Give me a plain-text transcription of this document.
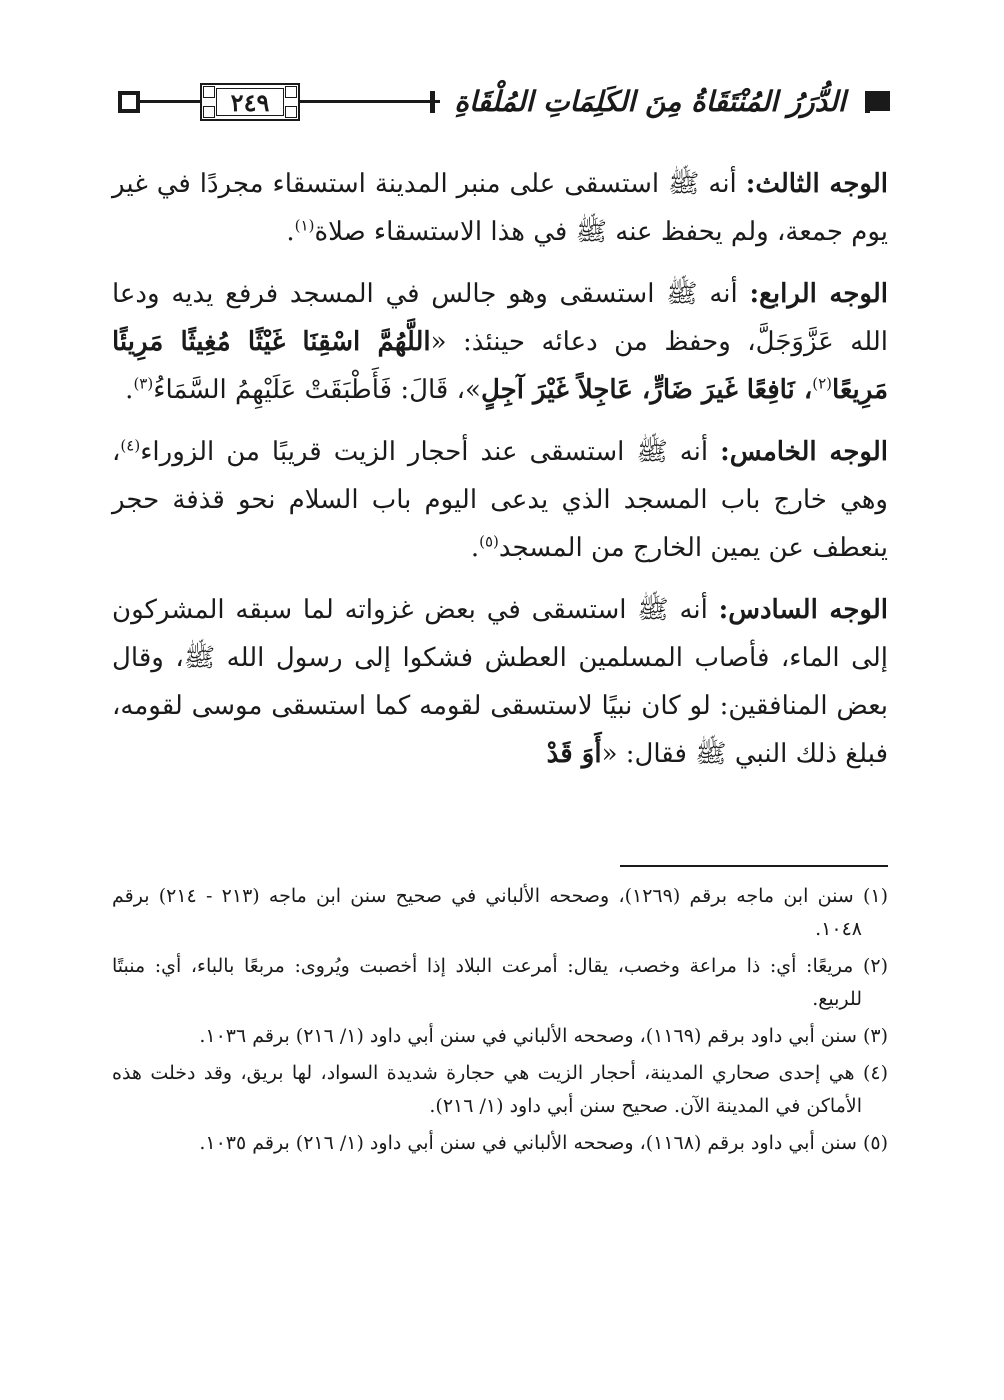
٢٤٩	الدُّرَرُ المُنْتَقَاةُ مِنَ الكَلِمَاتِ المُلْقَاةِ

الوجه الثالث: أنه ﷺ استسقى على منبر المدينة استسقاء مجردًا في غير يوم جمعة، ولم يحفظ عنه ﷺ في هذا الاستسقاء صلاة$^{(١)}$.

الوجه الرابع: أنه ﷺ استسقى وهو جالس في المسجد فرفع يديه ودعا الله عَزَّوَجَلَّ، وحفظ من دعائه حينئذ: «اللَّهُمَّ اسْقِنَا غَيْثًا مُغِيثًا مَرِيئًا مَرِيعًا$^{(٢)}$، نَافِعًا غَيرَ ضَارٍّ، عَاجِلاً غَيْرَ آجِلٍ»، قَالَ: فَأَطْبَقَتْ عَلَيْهِمُ السَّمَاءُ$^{(٣)}$.

الوجه الخامس: أنه ﷺ استسقى عند أحجار الزيت قريبًا من الزوراء$^{(٤)}$، وهي خارج باب المسجد الذي يدعى اليوم باب السلام نحو قذفة حجر ينعطف عن يمين الخارج من المسجد$^{(٥)}$.

الوجه السادس: أنه ﷺ استسقى في بعض غزواته لما سبقه المشركون إلى الماء، فأصاب المسلمين العطش فشكوا إلى رسول الله ﷺ، وقال بعض المنافقين: لو كان نبيًا لاستسقى لقومه كما استسقى موسى لقومه، فبلغ ذلك النبي ﷺ فقال: «أَوَ قَدْ

(١) سنن ابن ماجه برقم (١٢٦٩)، وصححه الألباني في صحيح سنن ابن ماجه (٢١٣ - ٢١٤) برقم ١٠٤٨.

(٢) مريعًا: أي: ذا مراعة وخصب، يقال: أمرعت البلاد إذا أخصبت ويُروى: مربعًا بالباء، أي: منبتًا للربيع.

(٣) سنن أبي داود برقم (١١٦٩)، وصححه الألباني في سنن أبي داود (١/ ٢١٦) برقم ١٠٣٦.

(٤) هي إحدى صحاري المدينة، أحجار الزيت هي حجارة شديدة السواد، لها بريق، وقد دخلت هذه الأماكن في المدينة الآن. صحيح سنن أبي داود (١/ ٢١٦).

(٥) سنن أبي داود برقم (١١٦٨)، وصححه الألباني في سنن أبي داود (١/ ٢١٦) برقم ١٠٣٥.
